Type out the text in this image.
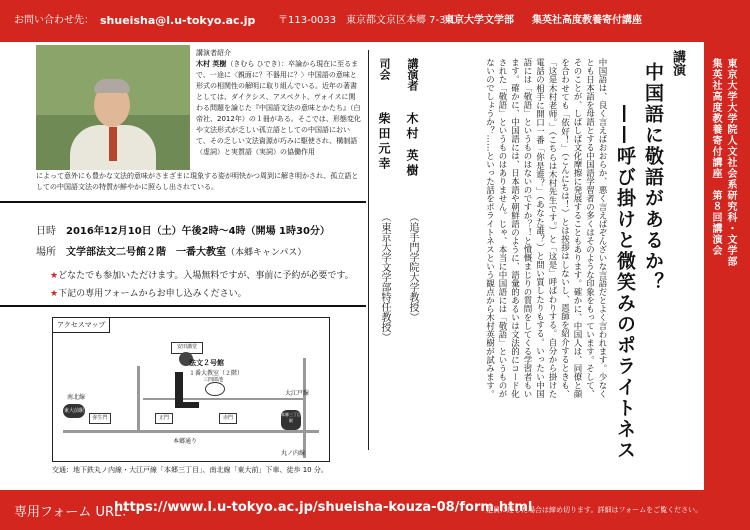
お問い合わせ先： shueisha@l.u-tokyo.ac.jp 〒113-0033 東京都文京区本郷 7-3-1
東京大学文学部 集英社高度教養寄付講座
東京大学大学院人文社会系研究科・文学部
集英社高度教養寄付講座　第８回講演会
講演
中国語に敬語があるか？
——呼び掛けと微笑みのポライトネス
中国語は、良く言えばおおらか、悪く言えばぞんざいな言語だとよく言われます。少なくとも日本語を母語とする中国語学習者の多くはそのような印象をもっています。そして、そのことが、しばしば文化摩擦に発展することもあります。確かに、中国人は、同僚と顔を合わせても「依好！」（こんにちは！）とは挨拶はしないし、恩師を紹介するときも、「这是木村老师。」（こちらは木村先生です。）と「这是」呼ばわりする。自分から掛けた電話の相手に開口一番「你是谁？」（あなた誰？）と問い質したりもする。いったい中国語には「敬語」というものはないのですか？！と憤慨まじりの質問をしてくる学習者もいます。確かに、中国語には、日本語や朝鮮語のように、語彙的あるいは文法的にコード化された「敬語」というものはありません。じゃ、本当に中国語には「敬語」というものがないのでしょうか？……といった話をポライトネスという観点から木村英樹が試みます。
講演者
木村 英樹
（追手門学院大学教授）
司会
柴田元幸
（東京大学文学部特任教授）
講演者紹介
木村 英樹（きむら ひでき）：卒論から現在に至るまで、一途に〈親面に？不器用に？〉中国語の意味と形式の相関性の解明に取り組んでいる。近年の著書としては、ダイクシス、アスペクト、ヴォイスに関わる問題を論じた『中国語文法の意味とかたち』（白帝社、2012年）の１冊がある。そこでは、形態変化や文法形式が乏しい孤立語としての中国語において、その乏しい文法資源が巧みに駆使され、構制語（虚詞）と実質語（実詞）の協働作用
によって意外にも豊かな文法的意味がさまざまに現象する姿が明快かつ周到に解き明かされ、孤立語としての中国語文法の特質が鮮やかに照らし出されている。
日時 2016年12月10日（土）午後2時〜4時（開場 1時30分）
場所 文学部法文二号館２階　一番大教室（本郷キャンパス）
★どなたでも参加いただけます。入場無料ですが、事前に予約が必要です。
★下記の専用フォームからお申し込みください。
アクセスマップ
安田講堂
法文２号館
１番大教室（２階）
三四郎池
弥生門	正門	赤門
本郷通り
南北線
東大前駅
大江戸線
本郷三丁目駅
丸ノ内線
交通：地下鉄丸ノ内線・大江戸線「本郷三丁目」、南北線「東大前」下車、徒歩 10 分。
専用フォーム URL：
https://www.l.u-tokyo.ac.jp/shueisha-kouza-08/form.html
定員に達した場合は締め切ります。詳細はフォームをご覧ください。
